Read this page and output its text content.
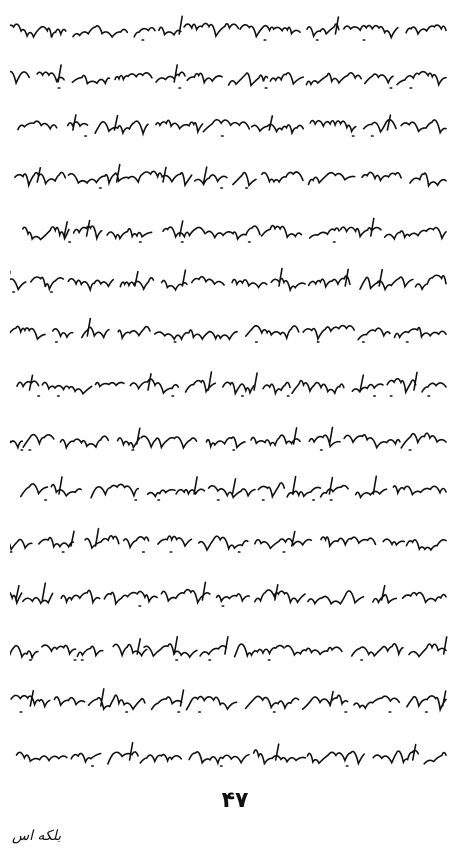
۴۷
بلکه اس
